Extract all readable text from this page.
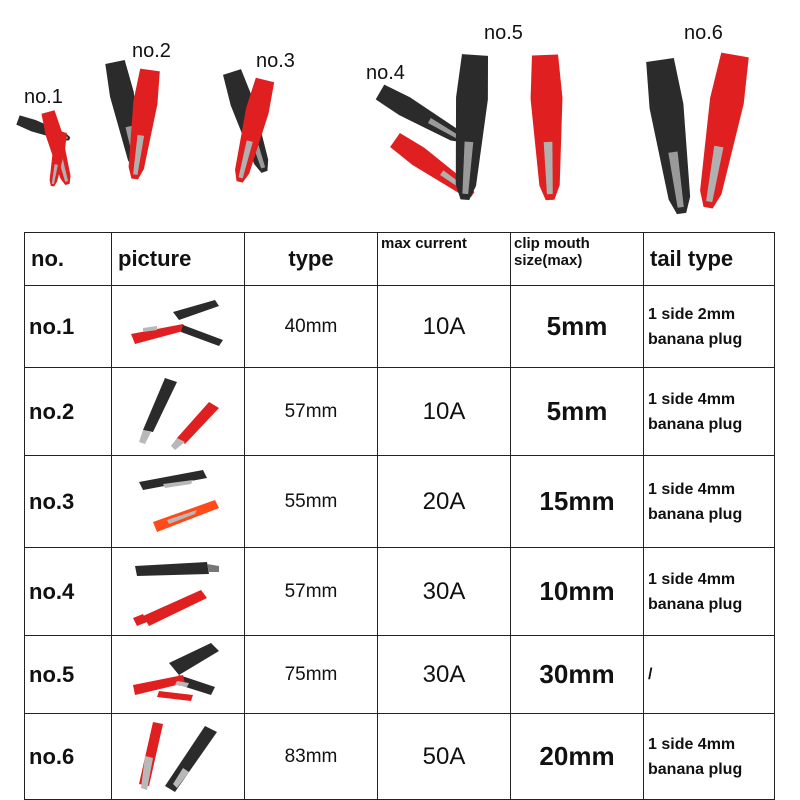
no.1
no.2	no.3
no.4
no.5	no.6
no.	picture	type	max current	clip mouth size(max)	tail type
no.1		40mm	10A	5mm	1 side 2mm
banana plug

no.2		57mm	10A	5mm	1 side 4mm
banana plug

no.3		55mm	20A	15mm	1 side 4mm
banana plug

no.4		57mm	30A	10mm	1 side 4mm
banana plug

no.5		75mm	30A	30mm	/

no.6		83mm	50A	20mm	1 side 4mm
banana plug
